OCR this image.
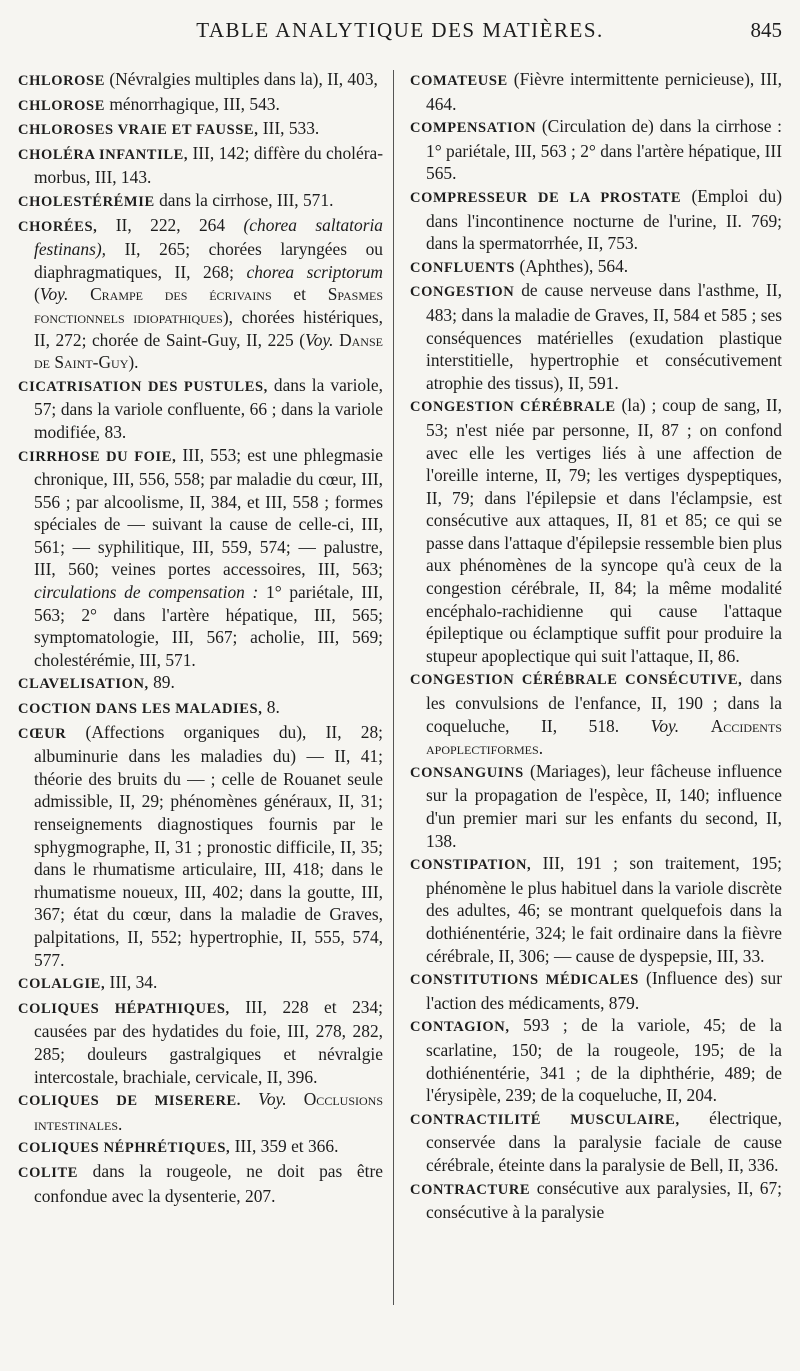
TABLE ANALYTIQUE DES MATIÈRES.	845

CHLOROSE (Névralgies multiples dans la), II, 403,

CHLOROSE ménorrhagique, III, 543.

CHLOROSES VRAIE ET FAUSSE, III, 533.

CHOLÉRA INFANTILE, III, 142; diffère du choléra-morbus, III, 143.

CHOLESTÉRÉMIE dans la cirrhose, III, 571.

CHORÉES, II, 222, 264 (chorea saltatoria festinans), II, 265; chorées laryngées ou diaphragmatiques, II, 268; chorea scriptorum (Voy. Crampe des écrivains et Spasmes fonctionnels idiopathiques), chorées histériques, II, 272; chorée de Saint-Guy, II, 225 (Voy. Danse de Saint-Guy).

CICATRISATION DES PUSTULES, dans la variole, 57; dans la variole confluente, 66 ; dans la variole modifiée, 83.

CIRRHOSE DU FOIE, III, 553; est une phlegmasie chronique, III, 556, 558; par maladie du cœur, III, 556 ; par alcoolisme, II, 384, et III, 558 ; formes spéciales de — suivant la cause de celle-ci, III, 561; — syphilitique, III, 559, 574; — palustre, III, 560; veines portes accessoires, III, 563; circulations de compensation : 1° pariétale, III, 563; 2° dans l'artère hépatique, III, 565; symptomatologie, III, 567; acholie, III, 569; cholestérémie, III, 571.

CLAVELISATION, 89.

COCTION DANS LES MALADIES, 8.

CŒUR (Affections organiques du), II, 28; albuminurie dans les maladies du) — II, 41; théorie des bruits du — ; celle de Rouanet seule admissible, II, 29; phénomènes généraux, II, 31; renseignements diagnostiques fournis par le sphygmographe, II, 31 ; pronostic difficile, II, 35; dans le rhumatisme articulaire, III, 418; dans le rhumatisme noueux, III, 402; dans la goutte, III, 367; état du cœur, dans la maladie de Graves, palpitations, II, 552; hypertrophie, II, 555, 574, 577.

COLALGIE, III, 34.

COLIQUES HÉPATHIQUES, III, 228 et 234; causées par des hydatides du foie, III, 278, 282, 285; douleurs gastralgiques et névralgie intercostale, brachiale, cervicale, II, 396.

COLIQUES DE MISERERE. Voy. Occlusions intestinales.

COLIQUES NÉPHRÉTIQUES, III, 359 et 366.

COLITE dans la rougeole, ne doit pas être confondue avec la dysenterie, 207.

COMATEUSE (Fièvre intermittente pernicieuse), III, 464.

COMPENSATION (Circulation de) dans la cirrhose : 1° pariétale, III, 563 ; 2° dans l'artère hépatique, III 565.

COMPRESSEUR DE LA PROSTATE (Emploi du) dans l'incontinence nocturne de l'urine, II. 769; dans la spermatorrhée, II, 753.

CONFLUENTS (Aphthes), 564.

CONGESTION de cause nerveuse dans l'asthme, II, 483; dans la maladie de Graves, II, 584 et 585 ; ses conséquences matérielles (exudation plastique interstitielle, hypertrophie et consécutivement atrophie des tissus), II, 591.

CONGESTION CÉRÉBRALE (la) ; coup de sang, II, 53; n'est niée par personne, II, 87 ; on confond avec elle les vertiges liés à une affection de l'oreille interne, II, 79; les vertiges dyspeptiques, II, 79; dans l'épilepsie et dans l'éclampsie, est consécutive aux attaques, II, 81 et 85; ce qui se passe dans l'attaque d'épilepsie ressemble bien plus aux phénomènes de la syncope qu'à ceux de la congestion cérébrale, II, 84; la même modalité encéphalo-rachidienne qui cause l'attaque épileptique ou éclamptique suffit pour produire la stupeur apoplectique qui suit l'attaque, II, 86.

CONGESTION CÉRÉBRALE CONSÉCUTIVE, dans les convulsions de l'enfance, II, 190 ; dans la coqueluche, II, 518. Voy. Accidents apoplectiformes.

CONSANGUINS (Mariages), leur fâcheuse influence sur la propagation de l'espèce, II, 140; influence d'un premier mari sur les enfants du second, II, 138.

CONSTIPATION, III, 191 ; son traitement, 195; phénomène le plus habituel dans la variole discrète des adultes, 46; se montrant quelquefois dans la dothiénentérie, 324; le fait ordinaire dans la fièvre cérébrale, II, 306; — cause de dyspepsie, III, 33.

CONSTITUTIONS MÉDICALES (Influence des) sur l'action des médicaments, 879.

CONTAGION, 593 ; de la variole, 45; de la scarlatine, 150; de la rougeole, 195; de la dothiénentérie, 341 ; de la diphthérie, 489; de l'érysipèle, 239; de la coqueluche, II, 204.

CONTRACTILITÉ MUSCULAIRE, électrique, conservée dans la paralysie faciale de cause cérébrale, éteinte dans la paralysie de Bell, II, 336.

CONTRACTURE consécutive aux paralysies, II, 67; consécutive à la paralysie
